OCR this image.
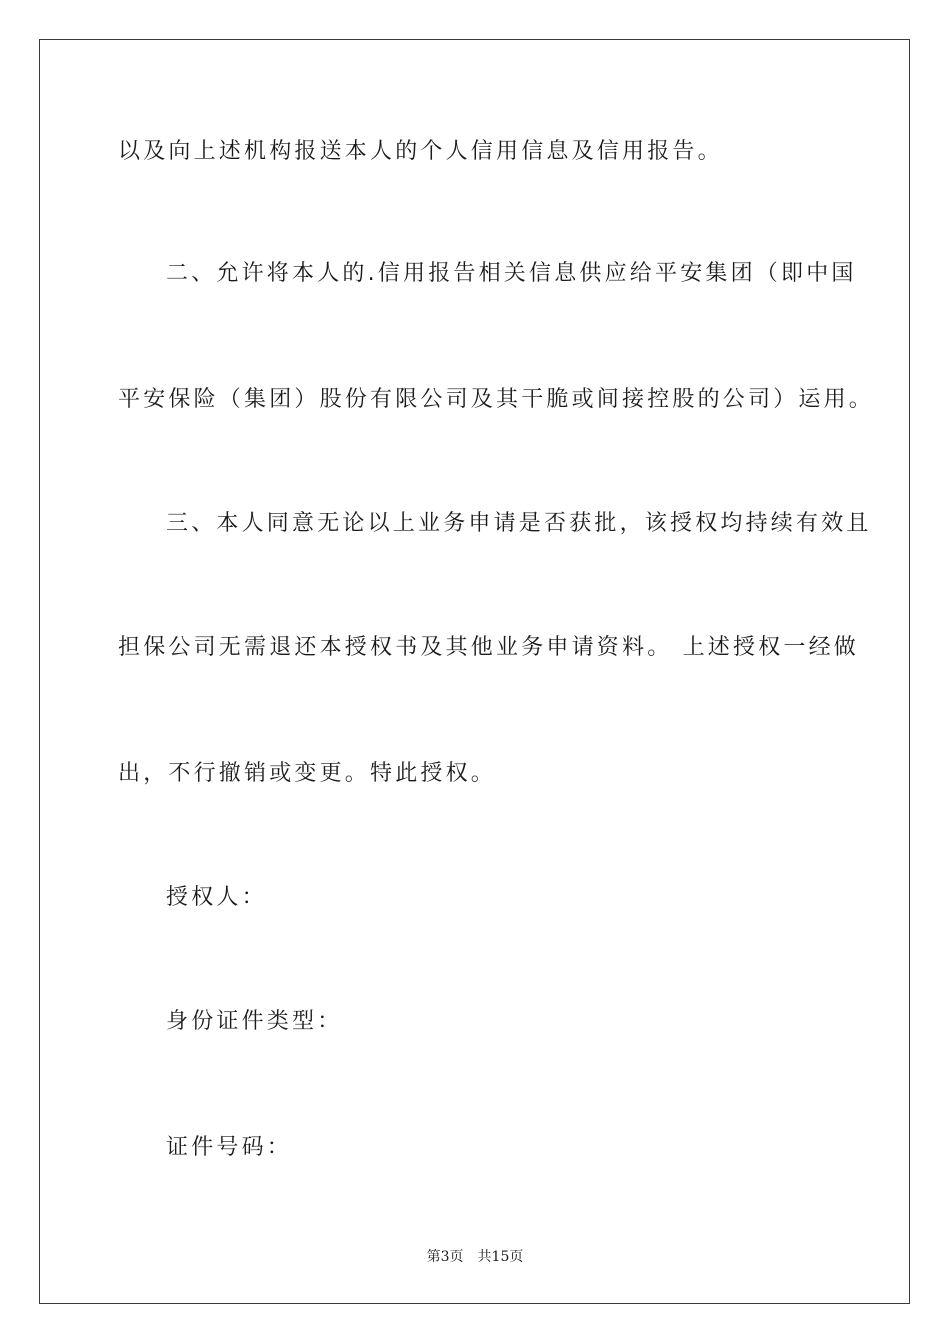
以及向上述机构报送本人的个人信用信息及信用报告。
二、允许将本人的.信用报告相关信息供应给平安集团（即中国
平安保险（集团）股份有限公司及其干脆或间接控股的公司）运用。
三、本人同意无论以上业务申请是否获批，该授权均持续有效且
担保公司无需退还本授权书及其他业务申请资料。 上述授权一经做
出，不行撤销或变更。特此授权。
授权人：
身份证件类型：
证件号码：
第3页 共15页
